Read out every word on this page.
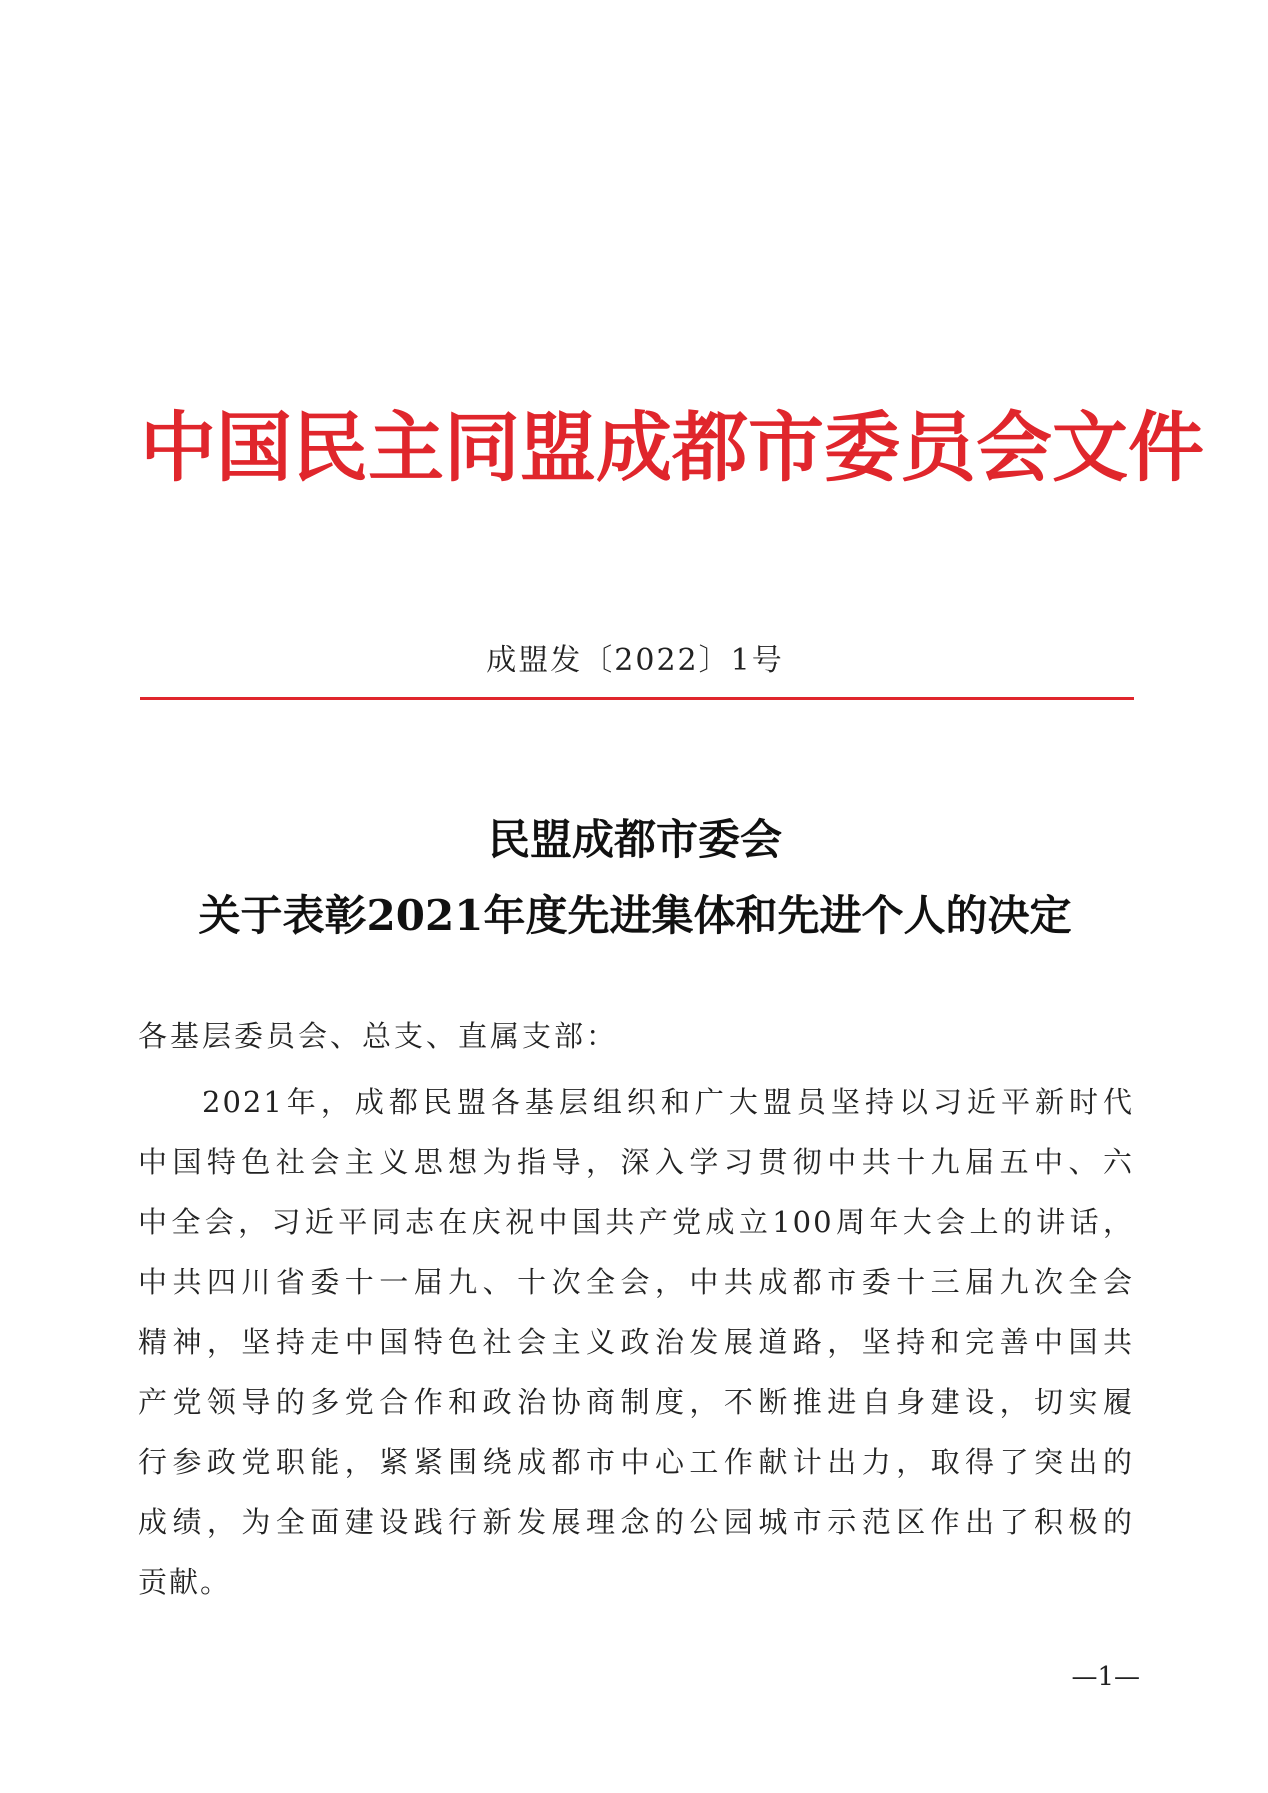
中国民主同盟成都市委员会文件
成盟发〔2022〕1号
民盟成都市委会
关于表彰2021年度先进集体和先进个人的决定
各基层委员会、总支、直属支部：
2021年，成都民盟各基层组织和广大盟员坚持以习近平新时代
中国特色社会主义思想为指导，深入学习贯彻中共十九届五中、六
中全会，习近平同志在庆祝中国共产党成立100周年大会上的讲话，
中共四川省委十一届九、十次全会，中共成都市委十三届九次全会
精神，坚持走中国特色社会主义政治发展道路，坚持和完善中国共
产党领导的多党合作和政治协商制度，不断推进自身建设，切实履
行参政党职能，紧紧围绕成都市中心工作献计出力，取得了突出的
成绩，为全面建设践行新发展理念的公园城市示范区作出了积极的
贡献。
—1—
